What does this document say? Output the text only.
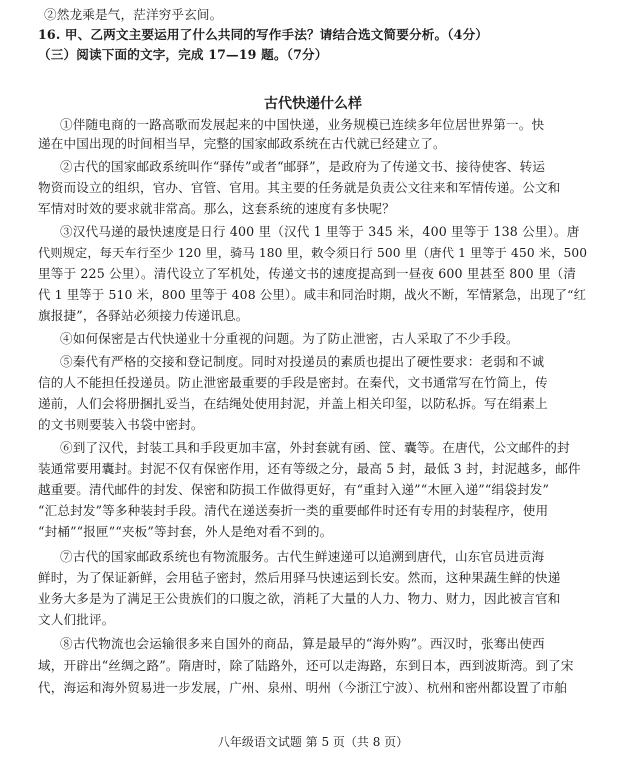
②然龙乘是气，茫洋穷乎玄间。

16. 甲、乙两文主要运用了什么共同的写作手法？请结合选文简要分析。（4分）

（三）阅读下面的文字，完成 17—19 题。（7分）

古代快递什么样

①伴随电商的一路高歌而发展起来的中国快递，业务规模已连续多年位居世界第一。快

递在中国出现的时间相当早，完整的国家邮政系统在古代就已经建立了。

②古代的国家邮政系统叫作“驿传”或者“邮驿”，是政府为了传递文书、接待使客、转运

物资而设立的组织，官办、官管、官用。其主要的任务就是负责公文往来和军情传递。公文和

军情对时效的要求就非常高。那么，这套系统的速度有多快呢？

③汉代马递的最快速度是日行 400 里（汉代 1 里等于 345 米，400 里等于 138 公里）。唐

代则规定，每天车行至少 120 里，骑马 180 里，敕令须日行 500 里（唐代 1 里等于 450 米，500

里等于 225 公里）。清代设立了军机处，传递文书的速度提高到一昼夜 600 里甚至 800 里（清

代 1 里等于 510 米，800 里等于 408 公里）。咸丰和同治时期，战火不断，军情紧急，出现了“红

旗报捷”，各驿站必须接力传递讯息。

④如何保密是古代快递业十分重视的问题。为了防止泄密，古人采取了不少手段。

⑤秦代有严格的交接和登记制度。同时对投递员的素质也提出了硬性要求：老弱和不诚

信的人不能担任投递员。防止泄密最重要的手段是密封。在秦代，文书通常写在竹简上，传

递前，人们会将册捆扎妥当，在结绳处使用封泥，并盖上相关印玺，以防私拆。写在绢素上

的文书则要装入书袋中密封。

⑥到了汉代，封装工具和手段更加丰富，外封套就有函、筐、囊等。在唐代，公文邮件的封

装通常要用囊封。封泥不仅有保密作用，还有等级之分，最高 5 封，最低 3 封，封泥越多，邮件

越重要。清代邮件的封发、保密和防损工作做得更好，有“重封入递”“木匣入递”“绢袋封发”

“汇总封发”等多种装封手段。清代在递送奏折一类的重要邮件时还有专用的封装程序，使用

“封桶”“报匣”“夹板”等封套，外人是绝对看不到的。

⑦古代的国家邮政系统也有物流服务。古代生鲜速递可以追溯到唐代，山东官员进贡海

鲜时，为了保证新鲜，会用毡子密封，然后用驿马快速运到长安。然而，这种果蔬生鲜的快递

业务大多是为了满足王公贵族们的口腹之欲，消耗了大量的人力、物力、财力，因此被言官和

文人们批评。

⑧古代物流也会运输很多来自国外的商品，算是最早的“海外购”。西汉时，张骞出使西

域，开辟出“丝绸之路”。隋唐时，除了陆路外，还可以走海路，东到日本，西到波斯湾。到了宋

代，海运和海外贸易进一步发展，广州、泉州、明州（今浙江宁波）、杭州和密州都设置了市舶

八年级语文试题 第 5 页（共 8 页）
